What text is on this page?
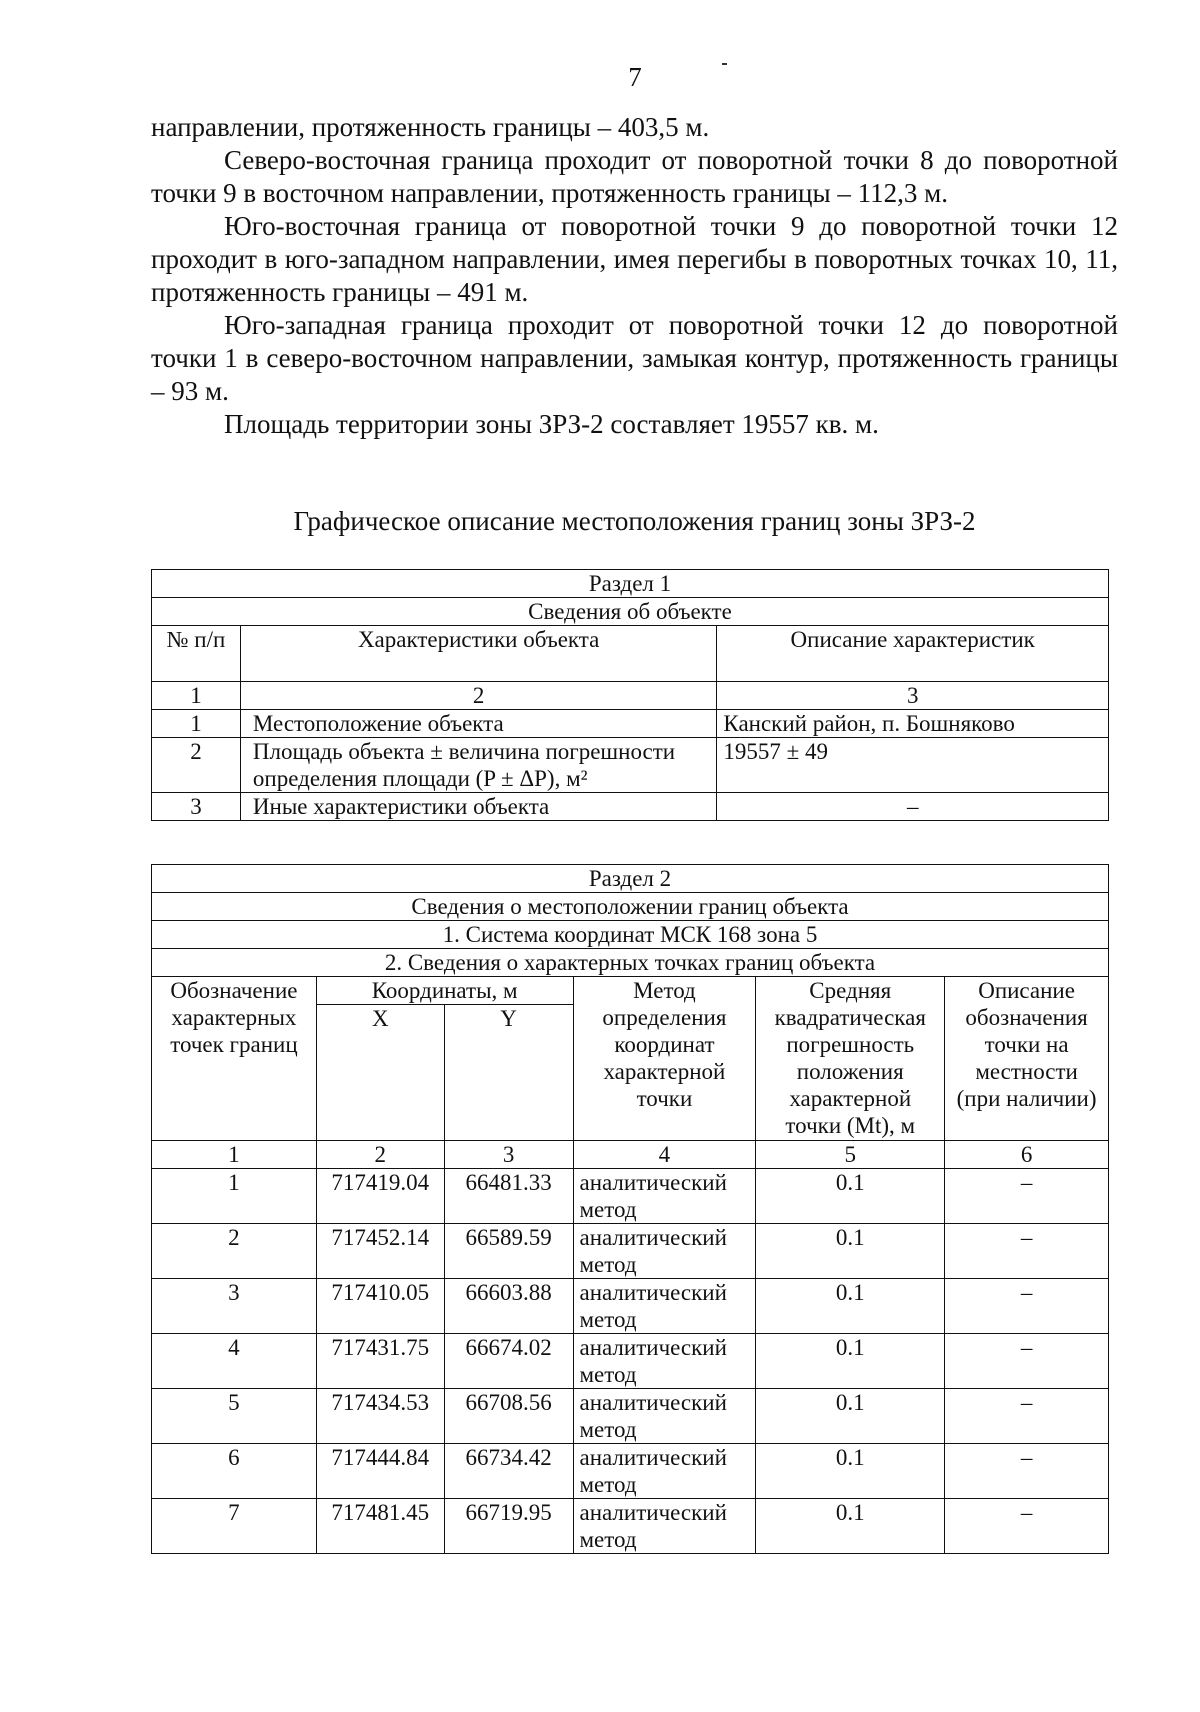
7

направлении, протяженность границы – 403,5 м.

Северо-восточная граница проходит от поворотной точки 8 до поворотной точки 9 в восточном направлении, протяженность границы – 112,3 м.

Юго-восточная граница от поворотной точки 9 до поворотной точки 12 проходит в юго-западном направлении, имея перегибы в поворотных точках 10, 11, протяженность границы – 491 м.

Юго-западная граница проходит от поворотной точки 12 до поворотной точки 1 в северо-восточном направлении, замыкая контур, протяженность границы – 93 м.

Площадь территории зоны ЗРЗ-2 составляет 19557 кв. м.

Графическое описание местоположения границ зоны ЗРЗ-2
Раздел 1		
Сведения об объекте		
№ п/п	Характеристики объекта	Описание характеристик
1	2	3
1	Местоположение объекта	Канский район, п. Бошняково
2	Площадь объекта ± величина погрешности определения площади (P ± ΔP), м²	19557 ± 49
3	Иные характеристики объекта	–
Раздел 2					
Сведения о местоположении границ объекта					
1. Система координат МСК 168 зона 5					
2. Сведения о характерных точках границ объекта					
Обозначение характерных точек границ	Координаты, м		Метод определения координат характерной точки	Средняя квадратическая погрешность положения характерной точки (Mt), м	Описание обозначения точки на местности (при наличии)
	X	Y			
1	2	3	4	5	6
1	717419.04	66481.33	аналитический метод	0.1	–
2	717452.14	66589.59	аналитический метод	0.1	–
3	717410.05	66603.88	аналитический метод	0.1	–
4	717431.75	66674.02	аналитический метод	0.1	–
5	717434.53	66708.56	аналитический метод	0.1	–
6	717444.84	66734.42	аналитический метод	0.1	–
7	717481.45	66719.95	аналитический метод	0.1	–
